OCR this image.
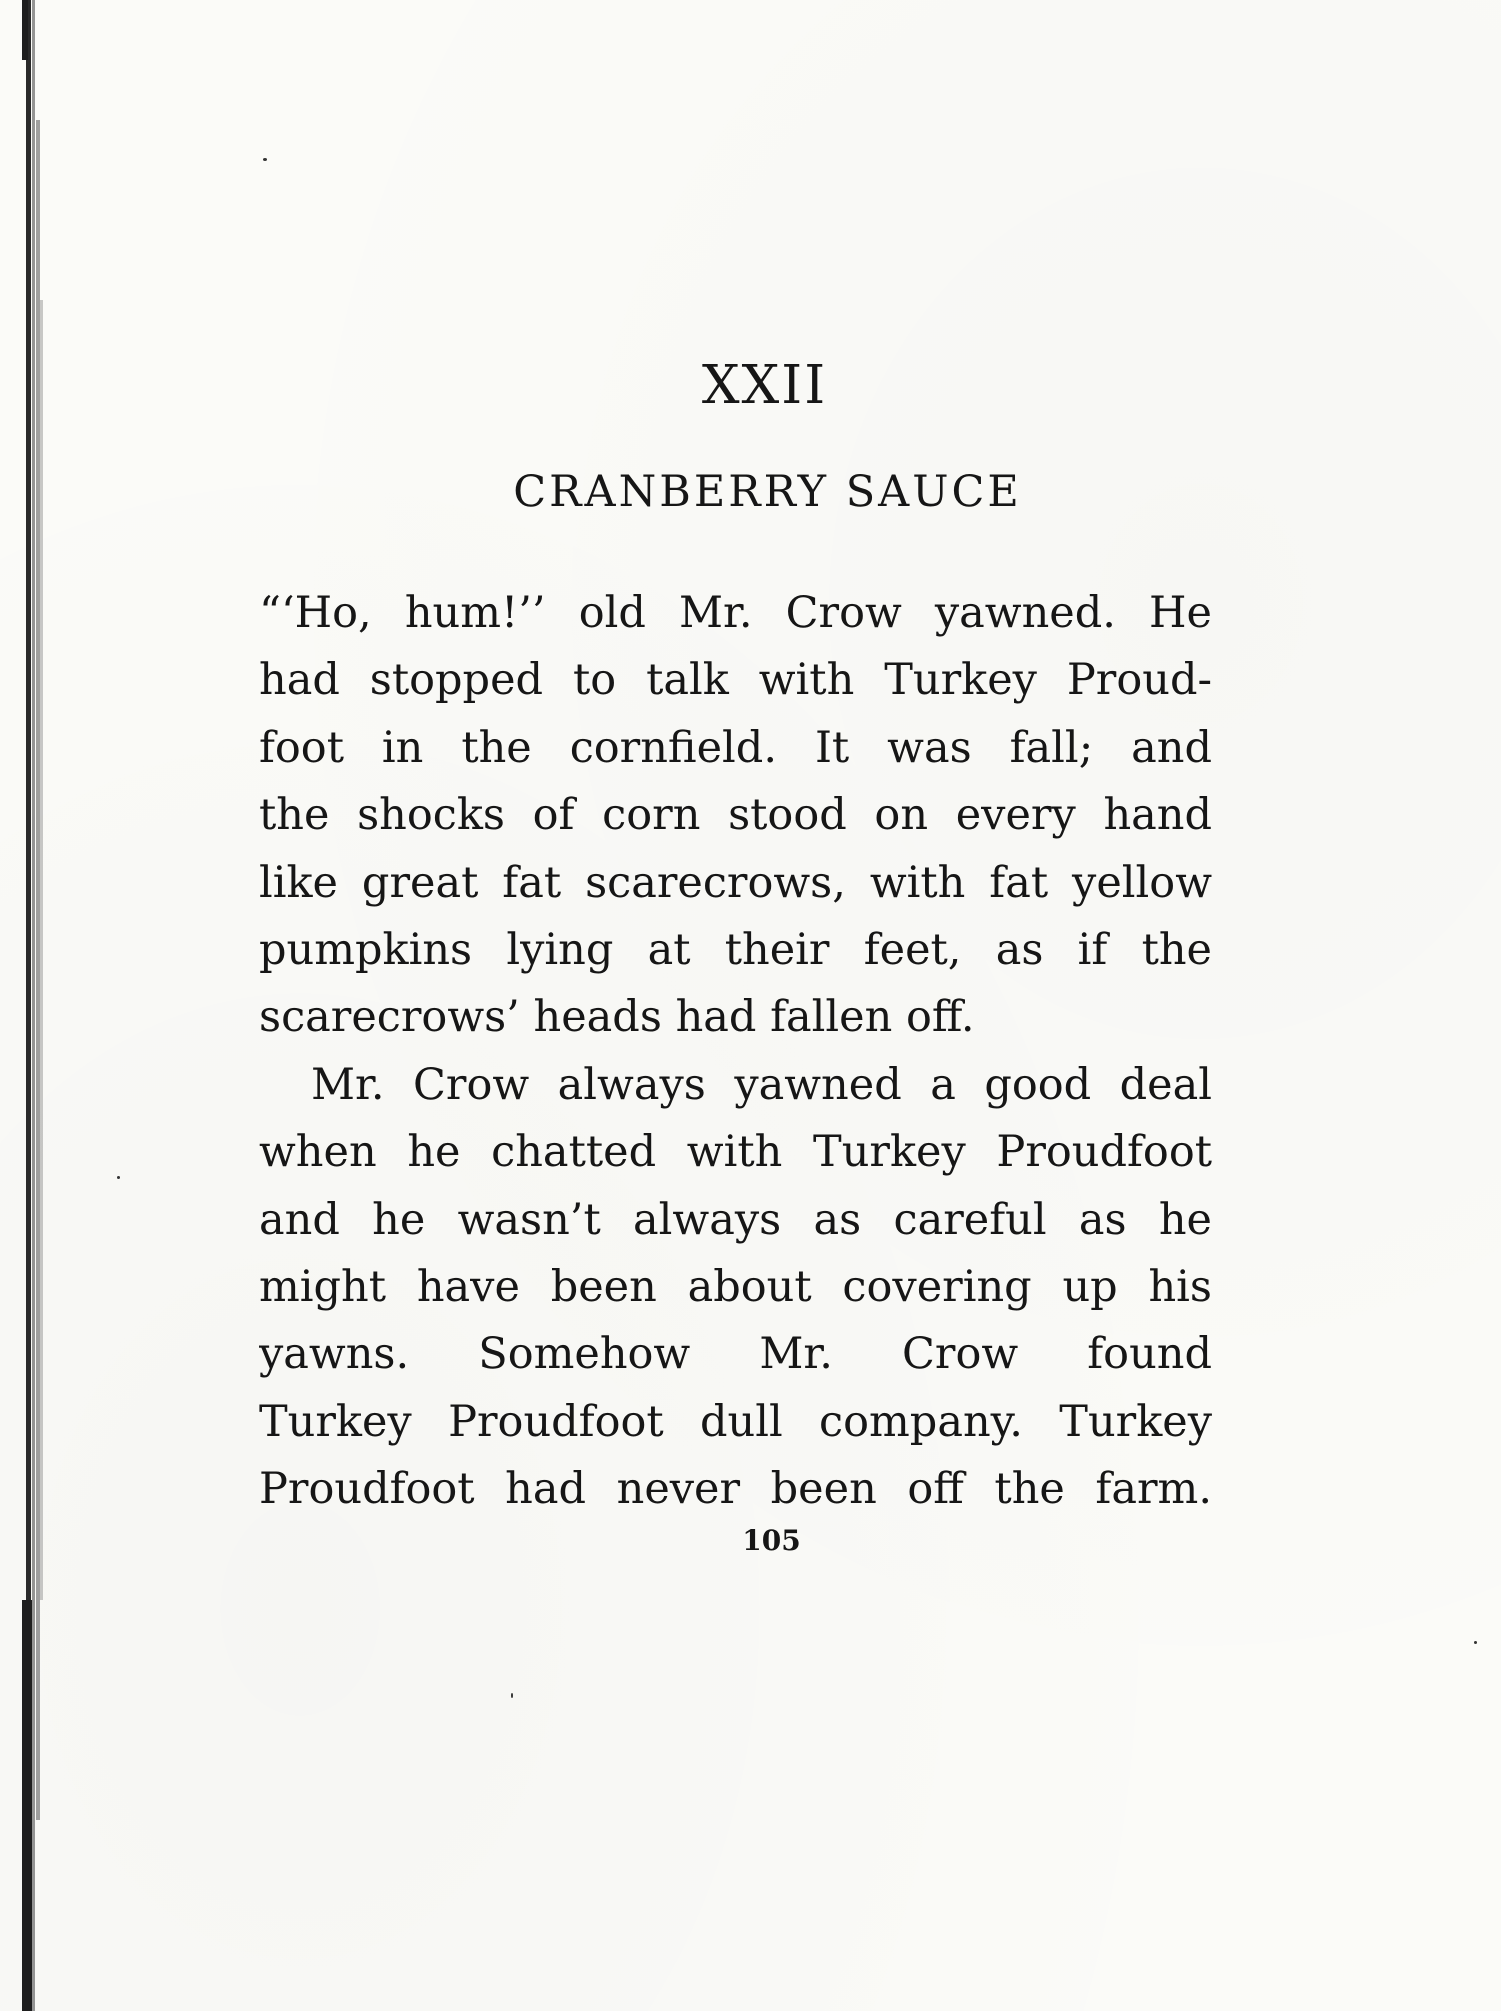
XXII
CRANBERRY SAUCE
“‘Ho, hum!’’ old Mr. Crow yawned. He
had stopped to talk with Turkey Proud-
foot in the cornfield. It was fall; and
the shocks of corn stood on every hand
like great fat scarecrows, with fat yellow
pumpkins lying at their feet, as if the
scarecrows’ heads had fallen off.
Mr. Crow always yawned a good deal
when he chatted with Turkey Proudfoot
and he wasn’t always as careful as he
might have been about covering up his
yawns. Somehow Mr. Crow found
Turkey Proudfoot dull company. Turkey
Proudfoot had never been off the farm.
105
